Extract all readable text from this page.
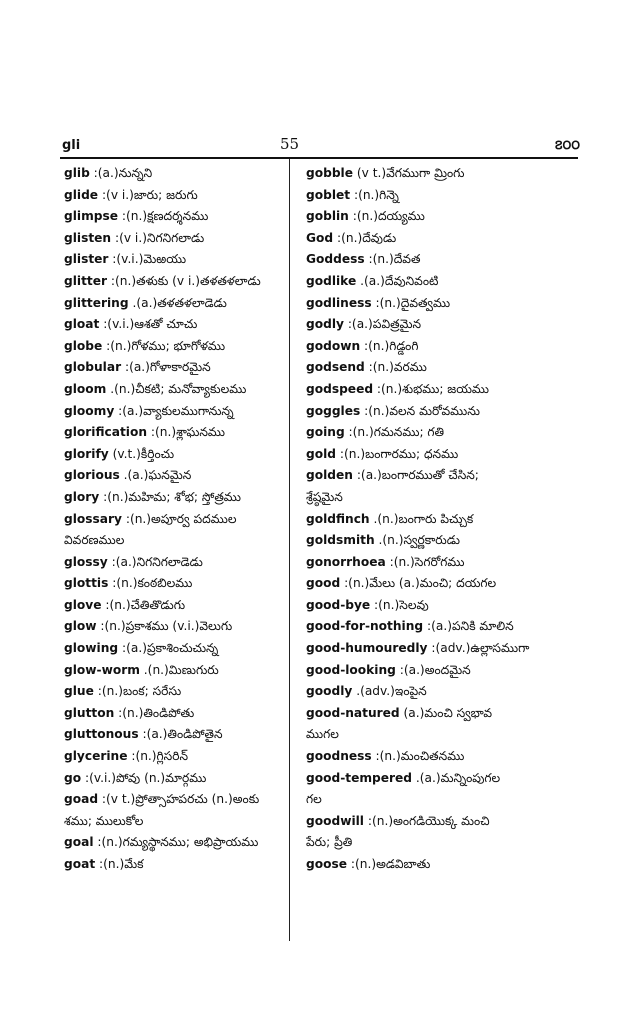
gli	55	౭౦౦
glib :(a.)నున్నని
glide :(v i.)జారు; జరుగు
glimpse :(n.)క్షణదర్శనము
glisten :(v i.)నిగనిగలాడు
glister :(v.i.)మెఱయు
glitter :(n.)తళుకు (v i.)తళతళలాడు
glittering .(a.)తళతళలాడెడు
gloat :(v.i.)ఆశతో చూచు
globe :(n.)గోళము; భూగోళము
globular :(a.)గోళాకారమైన
gloom .(n.)చీకటి; మనోవ్యాకులము
gloomy :(a.)వ్యాకులముగానున్న
glorification :(n.)శ్లాఘనము
glorify (v.t.)కీర్తించు
glorious .(a.)ఘనమైన
glory :(n.)మహిమ; శోభ; స్తోత్రము
glossary :(n.)అపూర్వ పదముల
వివరణముల
glossy :(a.)నిగనిగలాడెడు
glottis :(n.)కంఠబిలము
glove :(n.)చేతితొడుగు
glow :(n.)ప్రకాశము (v.i.)వెలుగు
glowing :(a.)ప్రకాశించుచున్న
glow-worm .(n.)మిణుగురు
glue :(n.)బంక; సరేసు
glutton :(n.)తిండిపోతు
gluttonous :(a.)తిండిపోతైన
glycerine :(n.)గ్లిసరిన్
go :(v.i.)పోవు (n.)మార్గము
goad :(v t.)ప్రోత్సాహపరచు (n.)అంకు
శము; ములుకోల
goal :(n.)గమ్యస్థానము; అభిప్రాయము
goat :(n.)మేక
gobble (v t.)వేగముగా మ్రింగు
goblet :(n.)గిన్నె
goblin :(n.)దయ్యము
God :(n.)దేవుడు
Goddess :(n.)దేవత
godlike .(a.)దేవునివంటి
godliness :(n.)దైవత్వము
godly :(a.)పవిత్రమైన
godown :(n.)గిడ్డంగి
godsend :(n.)వరము
godspeed :(n.)శుభము; జయము
goggles :(n.)వలన మరోవమును
going :(n.)గమనము; గతి
gold :(n.)బంగారము; ధనము
golden :(a.)బంగారముతో చేసిన;
శ్రేష్ఠమైన
goldfinch .(n.)బంగారు పిచ్చుక
goldsmith .(n.)స్వర్ణకారుడు
gonorrhoea :(n.)సెగరోగము
good :(n.)మేలు (a.)మంచి; దయగల
good-bye :(n.)సెలవు
good-for-nothing :(a.)పనికి మాలిన
good-humouredly :(adv.)ఉల్లాసముగా
good-looking :(a.)అందమైన
goodly .(adv.)ఇంపైన
good-natured (a.)మంచి స్వభావ
ముగల
goodness :(n.)మంచితనము
good-tempered .(a.)మన్నింపుగల
గల
goodwill :(n.)అంగడియొక్క మంచి
పేరు; ప్రీతి
goose :(n.)అడవిబాతు
